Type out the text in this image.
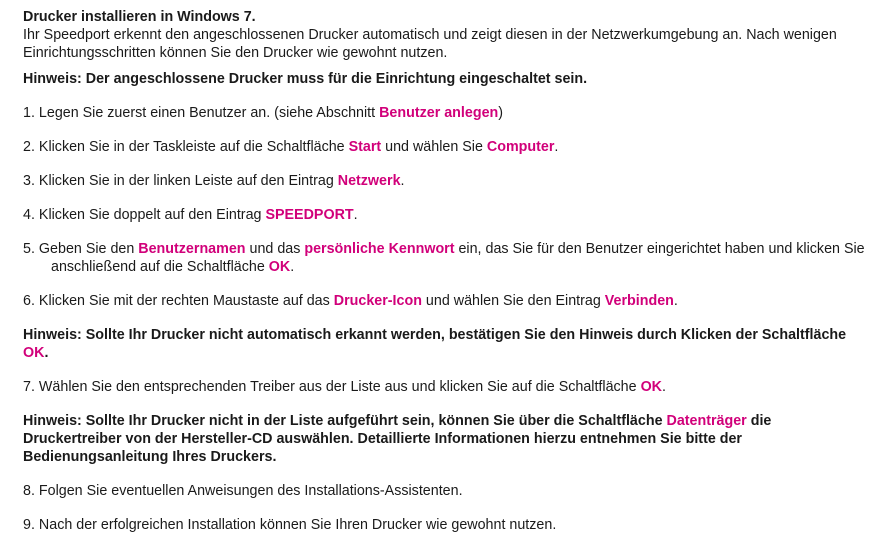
Drucker installieren in Windows 7.

Ihr Speedport erkennt den angeschlossenen Drucker automatisch und zeigt diesen in der Netzwerkumgebung an. Nach wenigen Einrichtungsschritten können Sie den Drucker wie gewohnt nutzen.

Hinweis: Der angeschlossene Drucker muss für die Einrichtung eingeschaltet sein.

1. Legen Sie zuerst einen Benutzer an. (siehe Abschnitt Benutzer anlegen)

2. Klicken Sie in der Taskleiste auf die Schaltfläche Start und wählen Sie Computer.

3. Klicken Sie in der linken Leiste auf den Eintrag Netzwerk.

4. Klicken Sie doppelt auf den Eintrag SPEEDPORT.

5. Geben Sie den Benutzernamen und das persönliche Kennwort ein, das Sie für den Benutzer eingerichtet haben und klicken Sie anschließend auf die Schaltfläche OK.

6. Klicken Sie mit der rechten Maustaste auf das Drucker-Icon und wählen Sie den Eintrag Verbinden.

Hinweis: Sollte Ihr Drucker nicht automatisch erkannt werden, bestätigen Sie den Hinweis durch Klicken der Schaltfläche OK.

7. Wählen Sie den entsprechenden Treiber aus der Liste aus und klicken Sie auf die Schaltfläche OK.

Hinweis: Sollte Ihr Drucker nicht in der Liste aufgeführt sein, können Sie über die Schaltfläche Datenträger die Druckertreiber von der Hersteller-CD auswählen. Detaillierte Informationen hierzu entnehmen Sie bitte der Bedienungsanleitung Ihres Druckers.

8. Folgen Sie eventuellen Anweisungen des Installations-Assistenten.

9. Nach der erfolgreichen Installation können Sie Ihren Drucker wie gewohnt nutzen.
